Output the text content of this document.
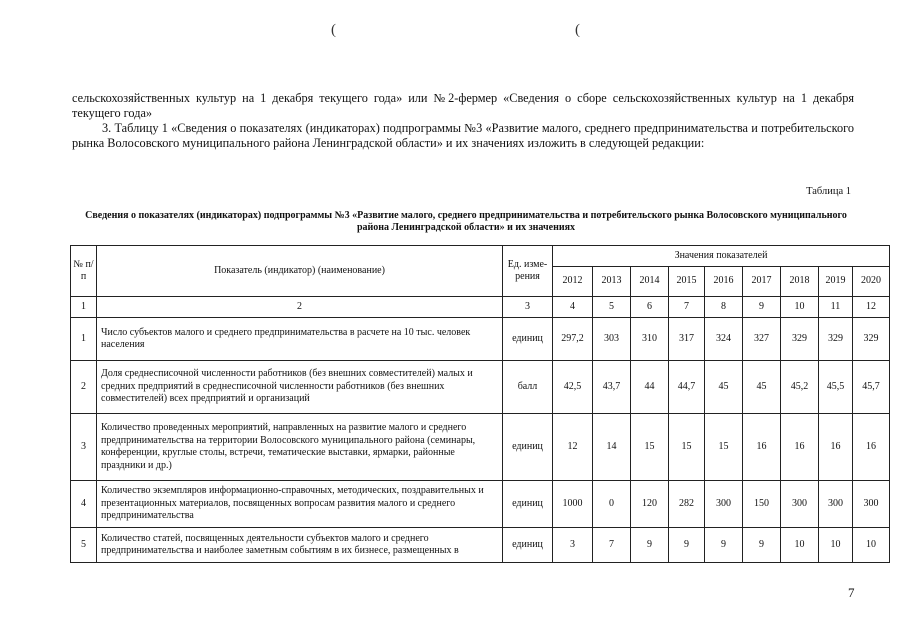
(	(
сельскохозяйственных культур на 1 декабря текущего года» или №2-фермер «Сведения о сборе сельскохозяйственных культур на 1 декабря текущего года»
3. Таблицу 1 «Сведения о показателях (индикаторах) подпрограммы №3 «Развитие малого, среднего предпринимательства и потребительского рынка Волосовского муниципального района Ленинградской области» и их значениях изложить в следующей редакции:
Таблица 1
Сведения о показателях (индикаторах) подпрограммы №3 «Развитие малого, среднего предпринимательства и потребительского рынка Волосовского муниципального района Ленинградской области» и их значениях
№ п/п	Показатель (индикатор) (наименование)	Ед. изме-рения	Значения показателей								
			2012	2013	2014	2015	2016	2017	2018	2019	2020
1	2	3	4	5	6	7	8	9	10	11	12
1	Число субъектов малого и среднего предпринимательства в расчете на 10 тыс. человек населения	единиц	297,2	303	310	317	324	327	329	329	329
2	Доля среднесписочной численности работников (без внешних совместителей) малых и средних предприятий в среднесписочной численности работников (без внешних совместителей) всех предприятий и организаций	балл	42,5	43,7	44	44,7	45	45	45,2	45,5	45,7
3	Количество проведенных мероприятий, направленных на развитие малого и среднего предпринимательства на территории Волосовского муниципального района (семинары, конференции, круглые столы, встречи, тематические выставки, ярмарки, районные праздники и др.)	единиц	12	14	15	15	15	16	16	16	16
4	Количество экземпляров информационно-справочных, методических, поздравительных и презентационных материалов, посвященных вопросам развития малого и среднего предпринимательства	единиц	1000	0	120	282	300	150	300	300	300
5	Количество статей, посвященных деятельности субъектов малого и среднего предпринимательства и наиболее заметным событиям в их бизнесе, размещенных в	единиц	3	7	9	9	9	9	10	10	10
7
